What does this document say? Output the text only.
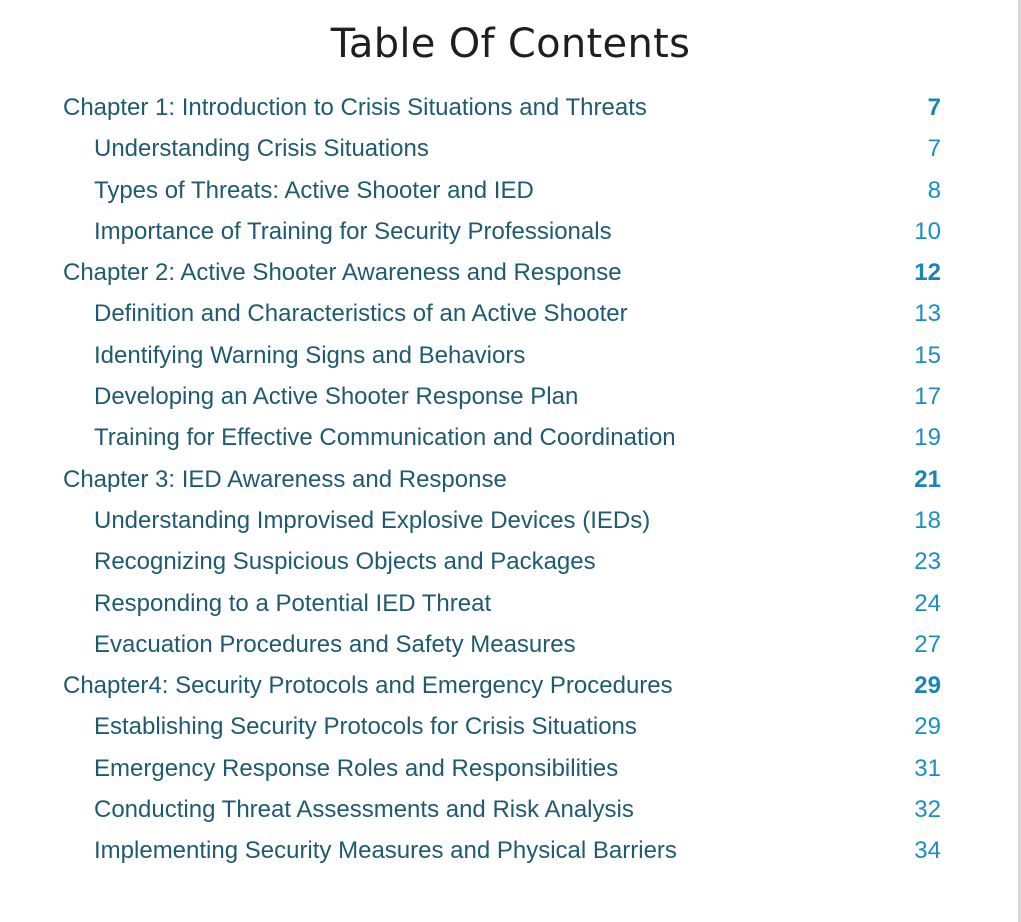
Table Of Contents
Chapter 1: Introduction to Crisis Situations and Threats	7
Understanding Crisis Situations	7
Types of Threats: Active Shooter and IED	8
Importance of Training for Security Professionals	10
Chapter 2: Active Shooter Awareness and Response	12
Definition and Characteristics of an Active Shooter	13
Identifying Warning Signs and Behaviors	15
Developing an Active Shooter Response Plan	17
Training for Effective Communication and Coordination	19
Chapter 3: IED Awareness and Response	21
Understanding Improvised Explosive Devices (IEDs)	18
Recognizing Suspicious Objects and Packages	23
Responding to a Potential IED Threat	24
Evacuation Procedures and Safety Measures	27
Chapter4: Security Protocols and Emergency Procedures	29
Establishing Security Protocols for Crisis Situations	29
Emergency Response Roles and Responsibilities	31
Conducting Threat Assessments and Risk Analysis	32
Implementing Security Measures and Physical Barriers	34
